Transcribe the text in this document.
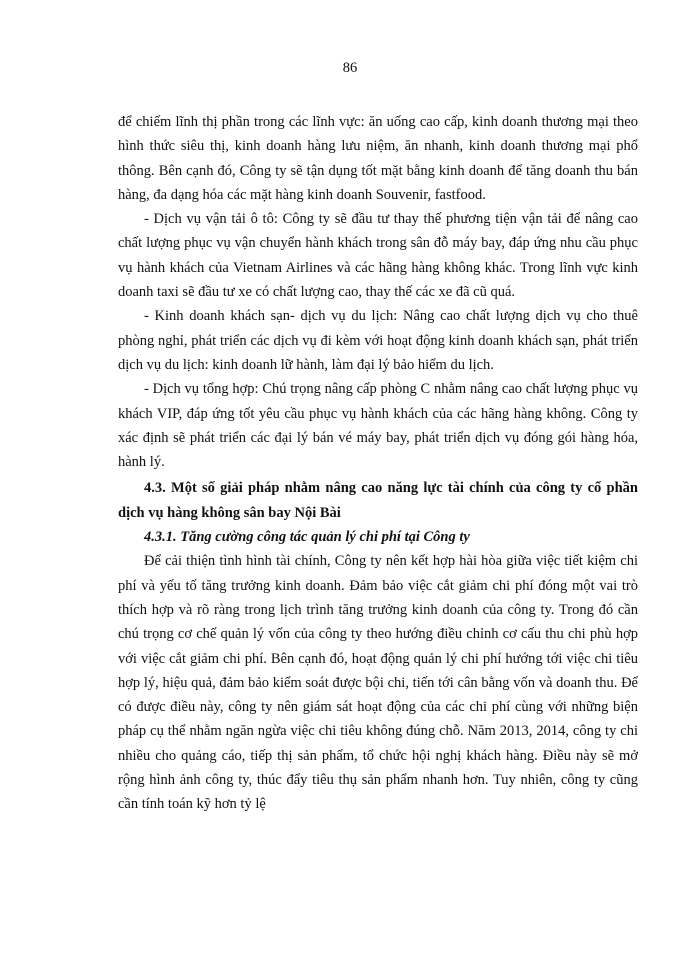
86

để chiếm lĩnh thị phần trong các lĩnh vực: ăn uống cao cấp, kinh doanh thương mại theo hình thức siêu thị, kinh doanh hàng lưu niệm, ăn nhanh, kinh doanh thương mại phổ thông. Bên cạnh đó, Công ty sẽ tận dụng tốt mặt bằng kinh doanh để tăng doanh thu bán hàng, đa dạng hóa các mặt hàng kinh doanh Souvenir, fastfood.

- Dịch vụ vận tải ô tô: Công ty sẽ đầu tư thay thế phương tiện vận tải để nâng cao chất lượng phục vụ vận chuyển hành khách trong sân đỗ máy bay, đáp ứng nhu cầu phục vụ hành khách của Vietnam Airlines và các hãng hàng không khác. Trong lĩnh vực kinh doanh taxi sẽ đầu tư xe có chất lượng cao, thay thế các xe đã cũ quá.

- Kinh doanh khách sạn- dịch vụ du lịch: Nâng cao chất lượng dịch vụ cho thuê phòng nghỉ, phát triển các dịch vụ đi kèm với hoạt động kinh doanh khách sạn, phát triển dịch vụ du lịch: kinh doanh lữ hành, làm đại lý bảo hiểm du lịch.

- Dịch vụ tổng hợp: Chú trọng nâng cấp phòng C nhằm nâng cao chất lượng phục vụ khách VIP, đáp ứng tốt yêu cầu phục vụ hành khách của các hãng hàng không. Công ty xác định sẽ phát triển các đại lý bán vé máy bay, phát triển dịch vụ đóng gói hàng hóa, hành lý.

4.3. Một số giải pháp nhằm nâng cao năng lực tài chính của công ty cổ phần dịch vụ hàng không sân bay Nội Bài

4.3.1. Tăng cường công tác quản lý chi phí tại Công ty

Để cải thiện tình hình tài chính, Công ty nên kết hợp hài hòa giữa việc tiết kiệm chi phí và yếu tố tăng trưởng kinh doanh. Đảm bảo việc cắt giảm chi phí đóng một vai trò thích hợp và rõ ràng trong lịch trình tăng trưởng kinh doanh của công ty. Trong đó cần chú trọng cơ chế quản lý vốn của công ty theo hướng điều chỉnh cơ cấu thu chi phù hợp với việc cắt giảm chi phí. Bên cạnh đó, hoạt động quản lý chi phí hướng tới việc chi tiêu hợp lý, hiệu quả, đảm bảo kiểm soát được bội chi, tiến tới cân bằng vốn và doanh thu. Để có được điều này, công ty nên giám sát hoạt động của các chi phí cùng với những biện pháp cụ thể nhằm ngăn ngừa việc chi tiêu không đúng chỗ. Năm 2013, 2014, công ty chi nhiều cho quảng cáo, tiếp thị sản phẩm, tổ chức hội nghị khách hàng. Điều này sẽ mở rộng hình ảnh công ty, thúc đẩy tiêu thụ sản phẩm nhanh hơn. Tuy nhiên, công ty cũng cần tính toán kỹ hơn tỷ lệ
